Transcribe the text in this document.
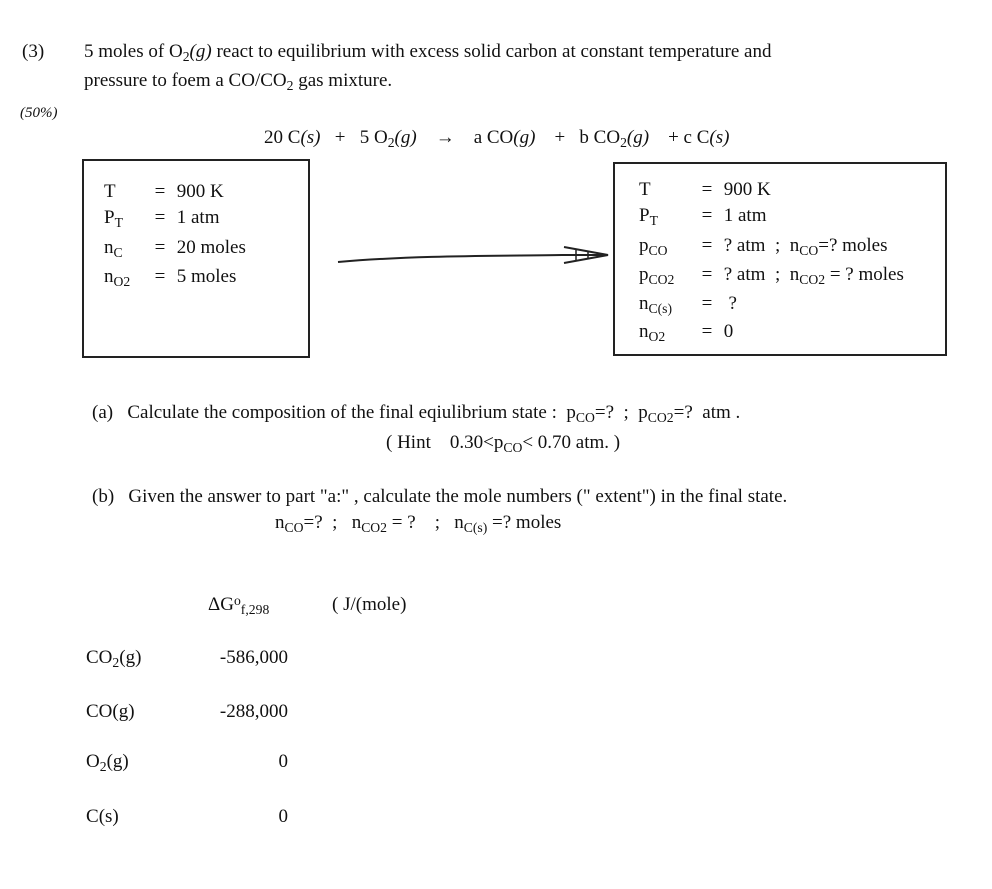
(3)
(50%)
5 moles of $O_2(g)$ react to equilibrium with excess solid carbon at constant temperature and
pressure to foem a $CO/CO_2$ gas mixture.
20 C(s) + 5 $O_2(g) \to a$ CO(g) + b $CO_2(g) + c$ C(s)
T = 900 K
$P_T = 1$ atm
$n_C = 20$ moles
$n_{O2} = 5$ moles
T	= 900 K
$P_T = 1$ atm
$p_{CO}$ = ? atm ; $n_{CO}=$? moles
$p_{CO2}$ = ? atm ; $n_{CO2}$ = ? moles
$n_{C(s)}$ = ?
$n_{O2} = 0$
(a) Calculate the composition of the final eqiulibrium state : $p_{CO}=$? ; $p_{CO2}=$? atm .
( Hint $0.30<p_{CO}< 0.70$ atm. )
(b) Given the answer to part "a:" , calculate the mole numbers (" extent") in the final state.
$n_{CO}=$? ; $n_{CO2}$ = ? ; $n_{C(s)}$ =? moles
$\Delta G^o_{f,298}$	( J/(mole)
$CO_2(g)$	-586,000
CO(g)	-288,000
$O_2(g)$	0
C(s)	0
